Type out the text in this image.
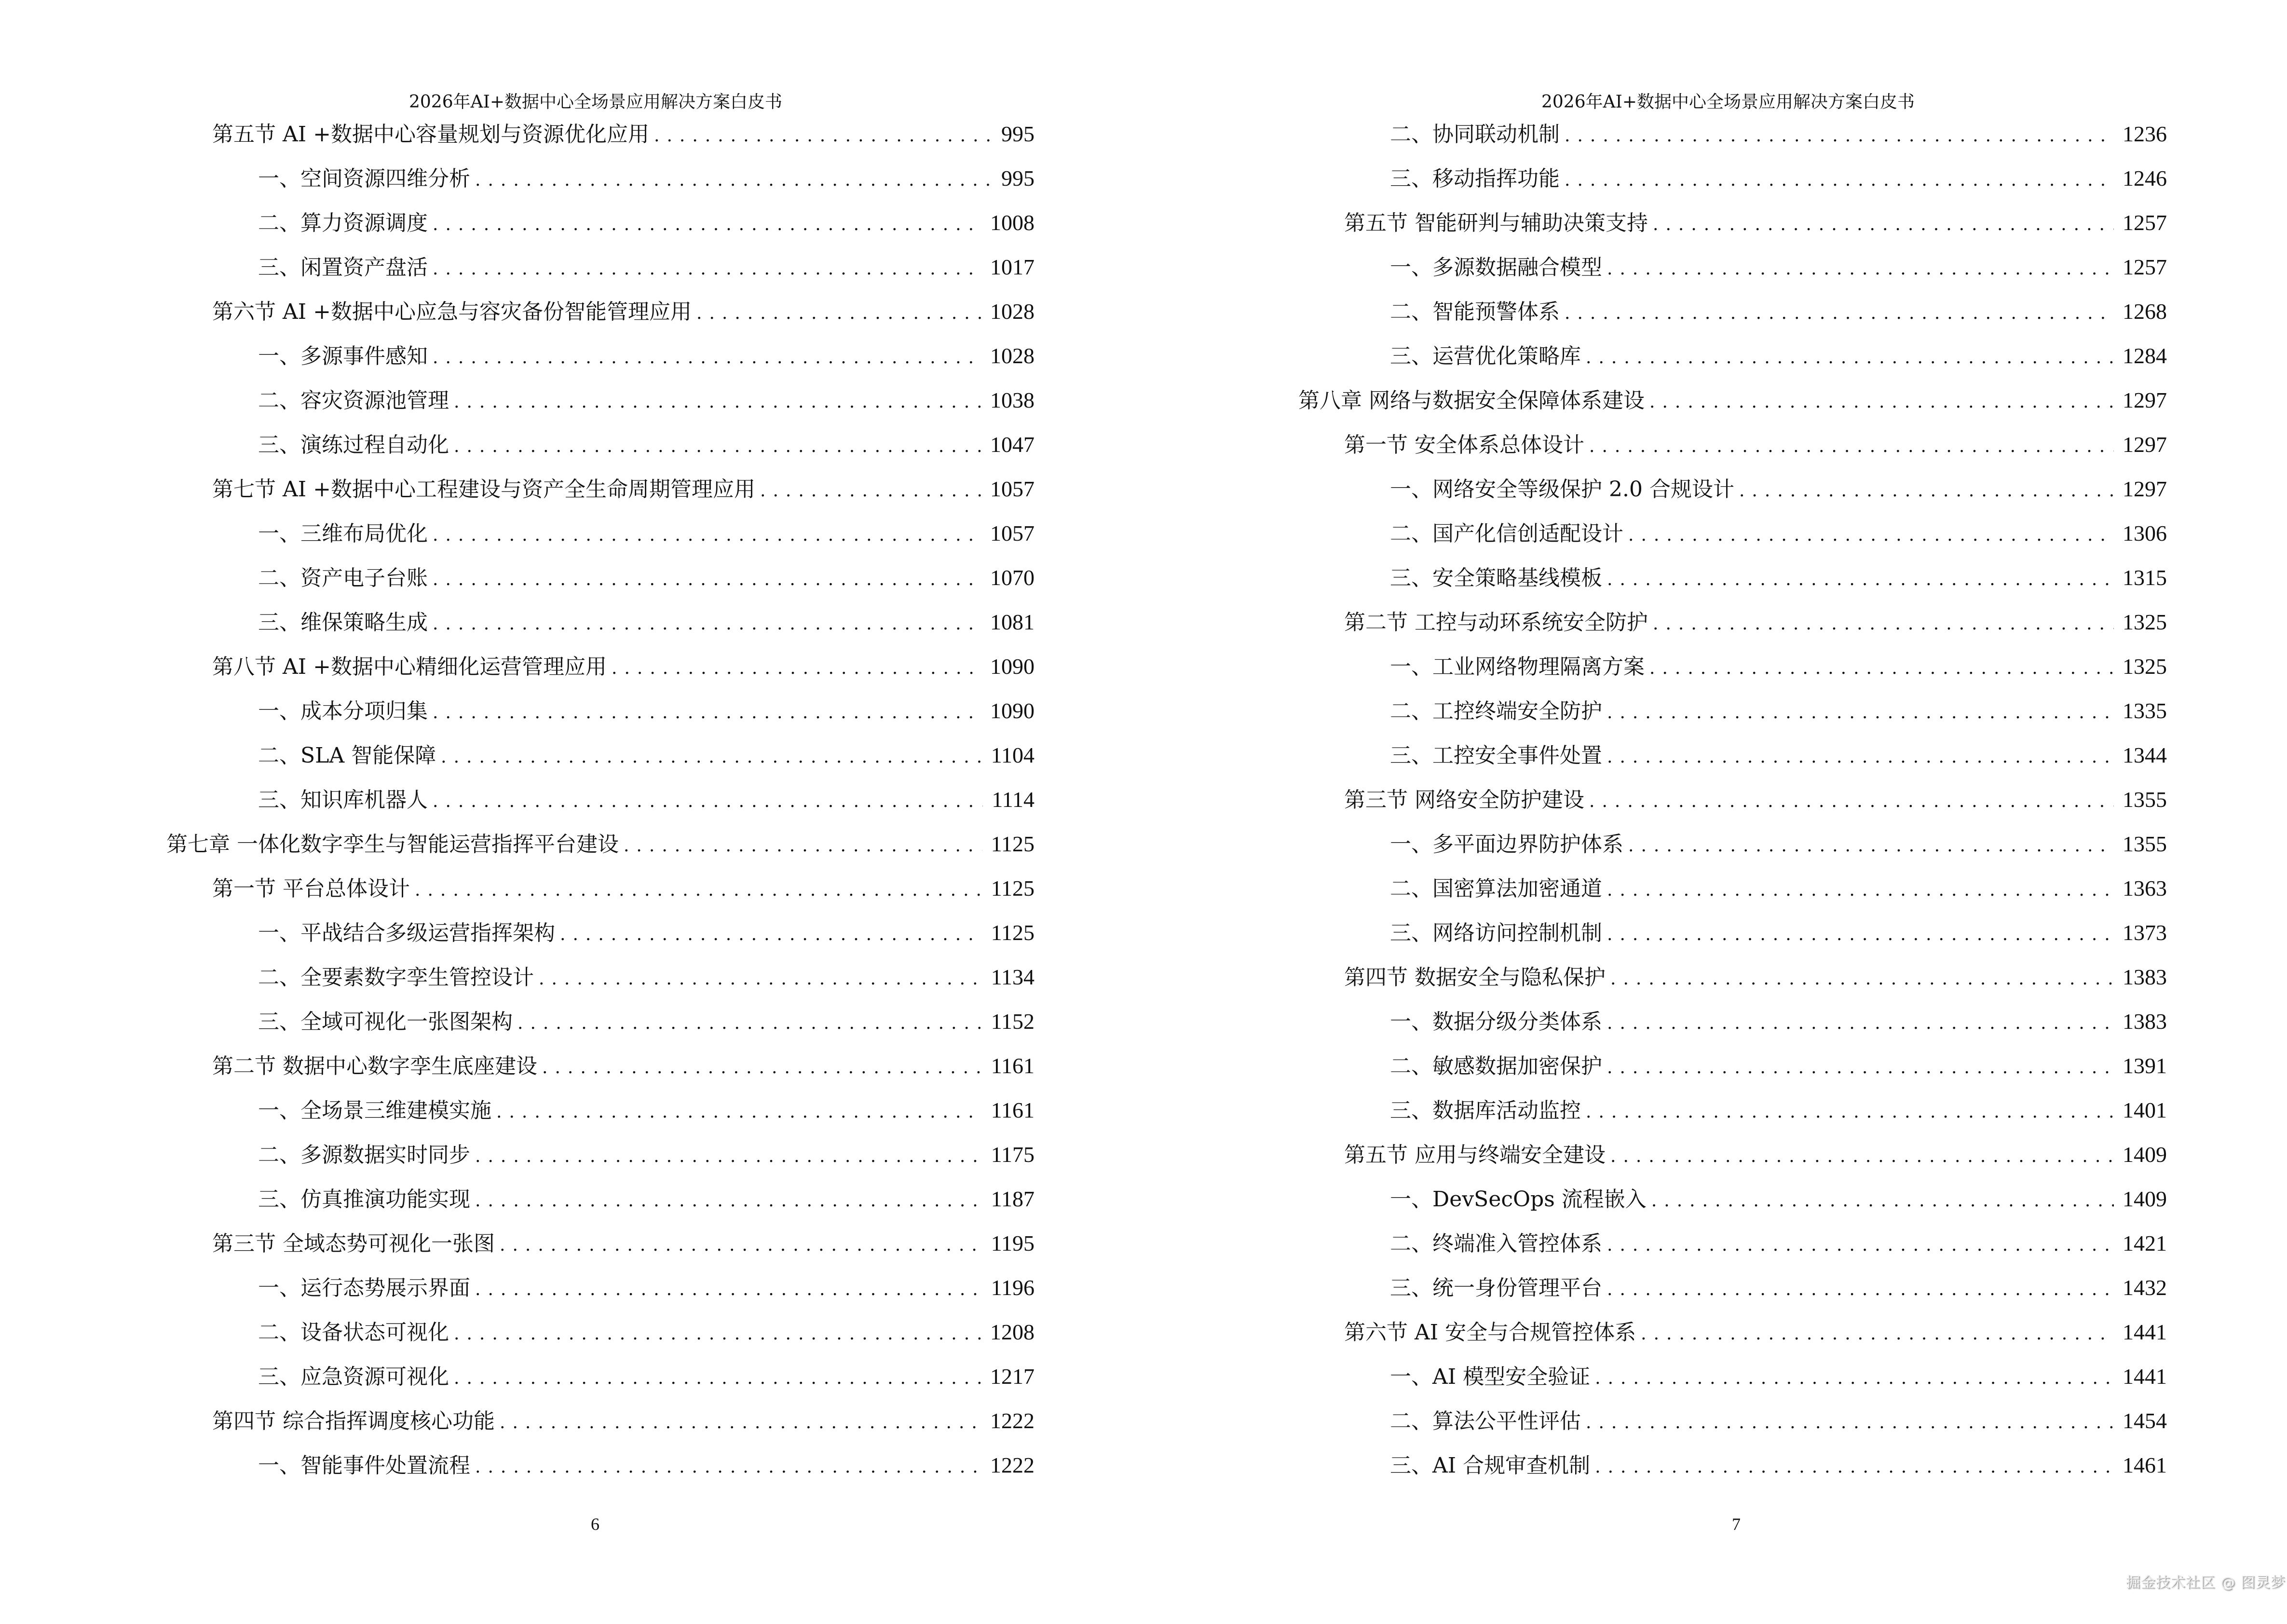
2026年AI+数据中心全场景应用解决方案白皮书
第五节 AI +数据中心容量规划与资源优化应用 .....	995
一、空间资源四维分析 .....	995
二、算力资源调度 .....	1008
三、闲置资产盘活 .....	1017
第六节 AI +数据中心应急与容灾备份智能管理应用 .....	1028
一、多源事件感知 .....	1028
二、容灾资源池管理 .....	1038
三、演练过程自动化 .....	1047
第七节 AI +数据中心工程建设与资产全生命周期管理应用 .....	1057
一、三维布局优化 .....	1057
二、资产电子台账 .....	1070
三、维保策略生成 .....	1081
第八节 AI +数据中心精细化运营管理应用 .....	1090
一、成本分项归集 .....	1090
二、SLA 智能保障 .....	1104
三、知识库机器人 .....	1114
第七章 一体化数字孪生与智能运营指挥平台建设 .....	1125
第一节 平台总体设计 .....	1125
一、平战结合多级运营指挥架构 .....	1125
二、全要素数字孪生管控设计 .....	1134
三、全域可视化一张图架构 .....	1152
第二节 数据中心数字孪生底座建设 .....	1161
一、全场景三维建模实施 .....	1161
二、多源数据实时同步 .....	1175
三、仿真推演功能实现 .....	1187
第三节 全域态势可视化一张图 .....	1195
一、运行态势展示界面 .....	1196
二、设备状态可视化 .....	1208
三、应急资源可视化 .....	1217
第四节 综合指挥调度核心功能 .....	1222
一、智能事件处置流程 .....	1222
6
2026年AI+数据中心全场景应用解决方案白皮书
二、协同联动机制 .....	1236
三、移动指挥功能 .....	1246
第五节 智能研判与辅助决策支持 .....	1257
一、多源数据融合模型 .....	1257
二、智能预警体系 .....	1268
三、运营优化策略库 .....	1284
第八章 网络与数据安全保障体系建设 .....	1297
第一节 安全体系总体设计 .....	1297
一、网络安全等级保护 2.0 合规设计 .....	1297
二、国产化信创适配设计 .....	1306
三、安全策略基线模板 .....	1315
第二节 工控与动环系统安全防护 .....	1325
一、工业网络物理隔离方案 .....	1325
二、工控终端安全防护 .....	1335
三、工控安全事件处置 .....	1344
第三节 网络安全防护建设 .....	1355
一、多平面边界防护体系 .....	1355
二、国密算法加密通道 .....	1363
三、网络访问控制机制 .....	1373
第四节 数据安全与隐私保护 .....	1383
一、数据分级分类体系 .....	1383
二、敏感数据加密保护 .....	1391
三、数据库活动监控 .....	1401
第五节 应用与终端安全建设 .....	1409
一、DevSecOps 流程嵌入 .....	1409
二、终端准入管控体系 .....	1421
三、统一身份管理平台 .....	1432
第六节 AI 安全与合规管控体系 .....	1441
一、AI 模型安全验证 .....	1441
二、算法公平性评估 .....	1454
三、AI 合规审查机制 .....	1461
7
掘金技术社区 @ 图灵梦
